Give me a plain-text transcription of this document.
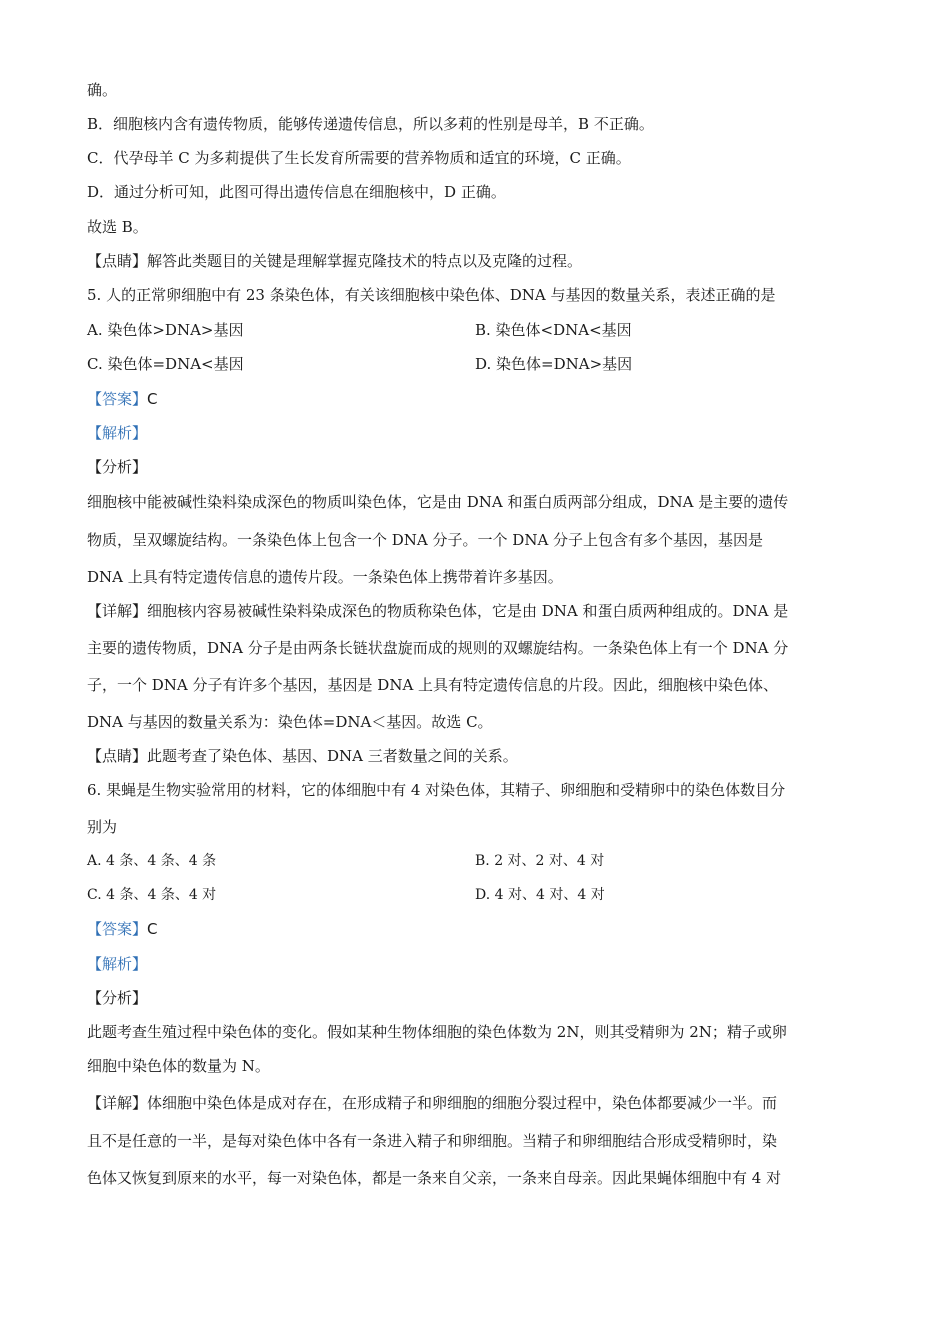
确。
B．细胞核内含有遗传物质，能够传递遗传信息，所以多莉的性别是母羊，B 不正确。
C．代孕母羊 C 为多莉提供了生长发育所需要的营养物质和适宜的环境，C 正确。
D．通过分析可知，此图可得出遗传信息在细胞核中，D 正确。
故选 B。
【点睛】解答此类题目的关键是理解掌握克隆技术的特点以及克隆的过程。
5. 人的正常卵细胞中有 23 条染色体，有关该细胞核中染色体、DNA 与基因的数量关系，表述正确的是
A. 染色体>DNA>基因	B. 染色体<DNA<基因
C. 染色体=DNA<基因	D. 染色体=DNA>基因
【答案】C
【解析】
【分析】
细胞核中能被碱性染料染成深色的物质叫染色体，它是由 DNA 和蛋白质两部分组成，DNA 是主要的遗传
物质，呈双螺旋结构。一条染色体上包含一个 DNA 分子。一个 DNA 分子上包含有多个基因，基因是
DNA 上具有特定遗传信息的遗传片段。一条染色体上携带着许多基因。
【详解】细胞核内容易被碱性染料染成深色的物质称染色体，它是由 DNA 和蛋白质两种组成的。DNA 是
主要的遗传物质，DNA 分子是由两条长链状盘旋而成的规则的双螺旋结构。一条染色体上有一个 DNA 分
子，一个 DNA 分子有许多个基因，基因是 DNA 上具有特定遗传信息的片段。因此，细胞核中染色体、
DNA 与基因的数量关系为：染色体=DNA＜基因。故选 C。
【点睛】此题考查了染色体、基因、DNA 三者数量之间的关系。
6. 果蝇是生物实验常用的材料，它的体细胞中有 4 对染色体，其精子、卵细胞和受精卵中的染色体数目分
别为
A. 4 条、4 条、4 条	B. 2 对、2 对、4 对
C. 4 条、4 条、4 对	D. 4 对、4 对、4 对
【答案】C
【解析】
【分析】
此题考查生殖过程中染色体的变化。假如某种生物体细胞的染色体数为 2N，则其受精卵为 2N；精子或卵
细胞中染色体的数量为 N。
【详解】体细胞中染色体是成对存在，在形成精子和卵细胞的细胞分裂过程中，染色体都要减少一半。而
且不是任意的一半，是每对染色体中各有一条进入精子和卵细胞。当精子和卵细胞结合形成受精卵时，染
色体又恢复到原来的水平，每一对染色体，都是一条来自父亲，一条来自母亲。因此果蝇体细胞中有 4 对
